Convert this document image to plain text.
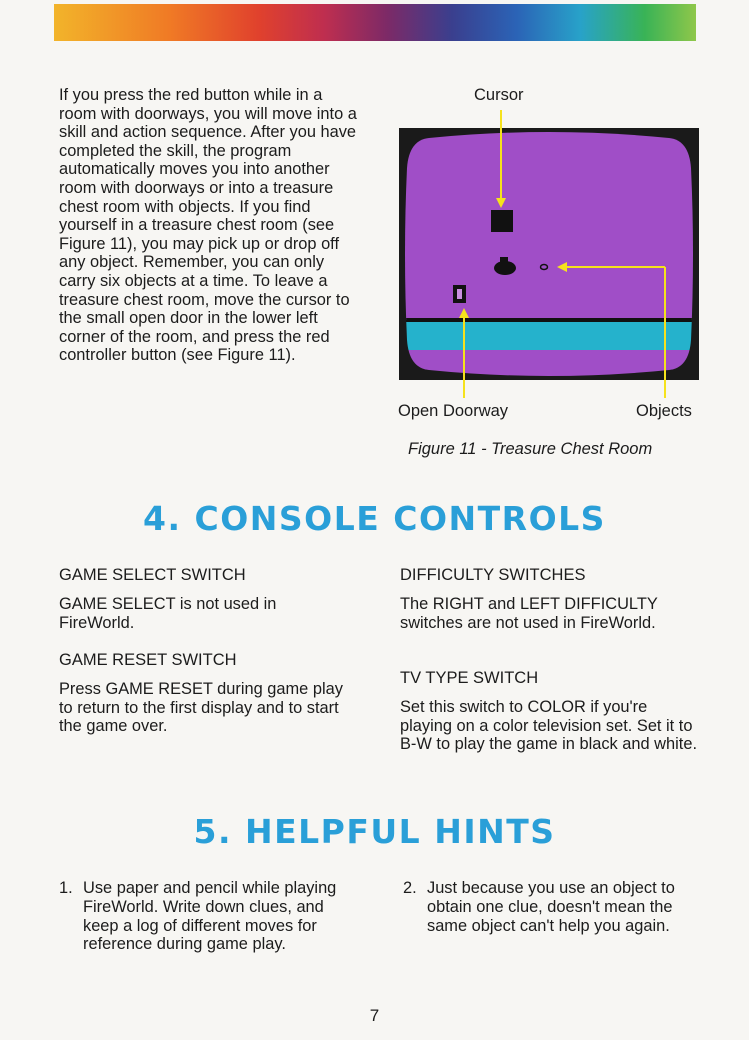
If you press the red button while in a room with doorways, you will move into a skill and action sequence. After you have completed the skill, the program automatically moves you into another room with doorways or into a treasure chest room with objects. If you find yourself in a treasure chest room (see Figure 11), you may pick up or drop off any object. Remember, you can only carry six objects at a time. To leave a treasure chest room, move the cursor to the small open door in the lower left corner of the room, and press the red controller button (see Figure 11).

Cursor
Open Doorway	Objects
Figure 11 - Treasure Chest Room
4. CONSOLE CONTROLS
GAME SELECT SWITCH

GAME SELECT is not used in FireWorld.

GAME RESET SWITCH

Press GAME RESET during game play to return to the first display and to start the game over.

DIFFICULTY SWITCHES

The RIGHT and LEFT DIFFICULTY switches are not used in FireWorld.

TV TYPE SWITCH

Set this switch to COLOR if you're playing on a color television set. Set it to B-W to play the game in black and white.

5. HELPFUL HINTS
1. Use paper and pencil while playing FireWorld. Write down clues, and keep a log of different moves for reference during game play.
2. Just because you use an object to obtain one clue, doesn't mean the same object can't help you again.
7
